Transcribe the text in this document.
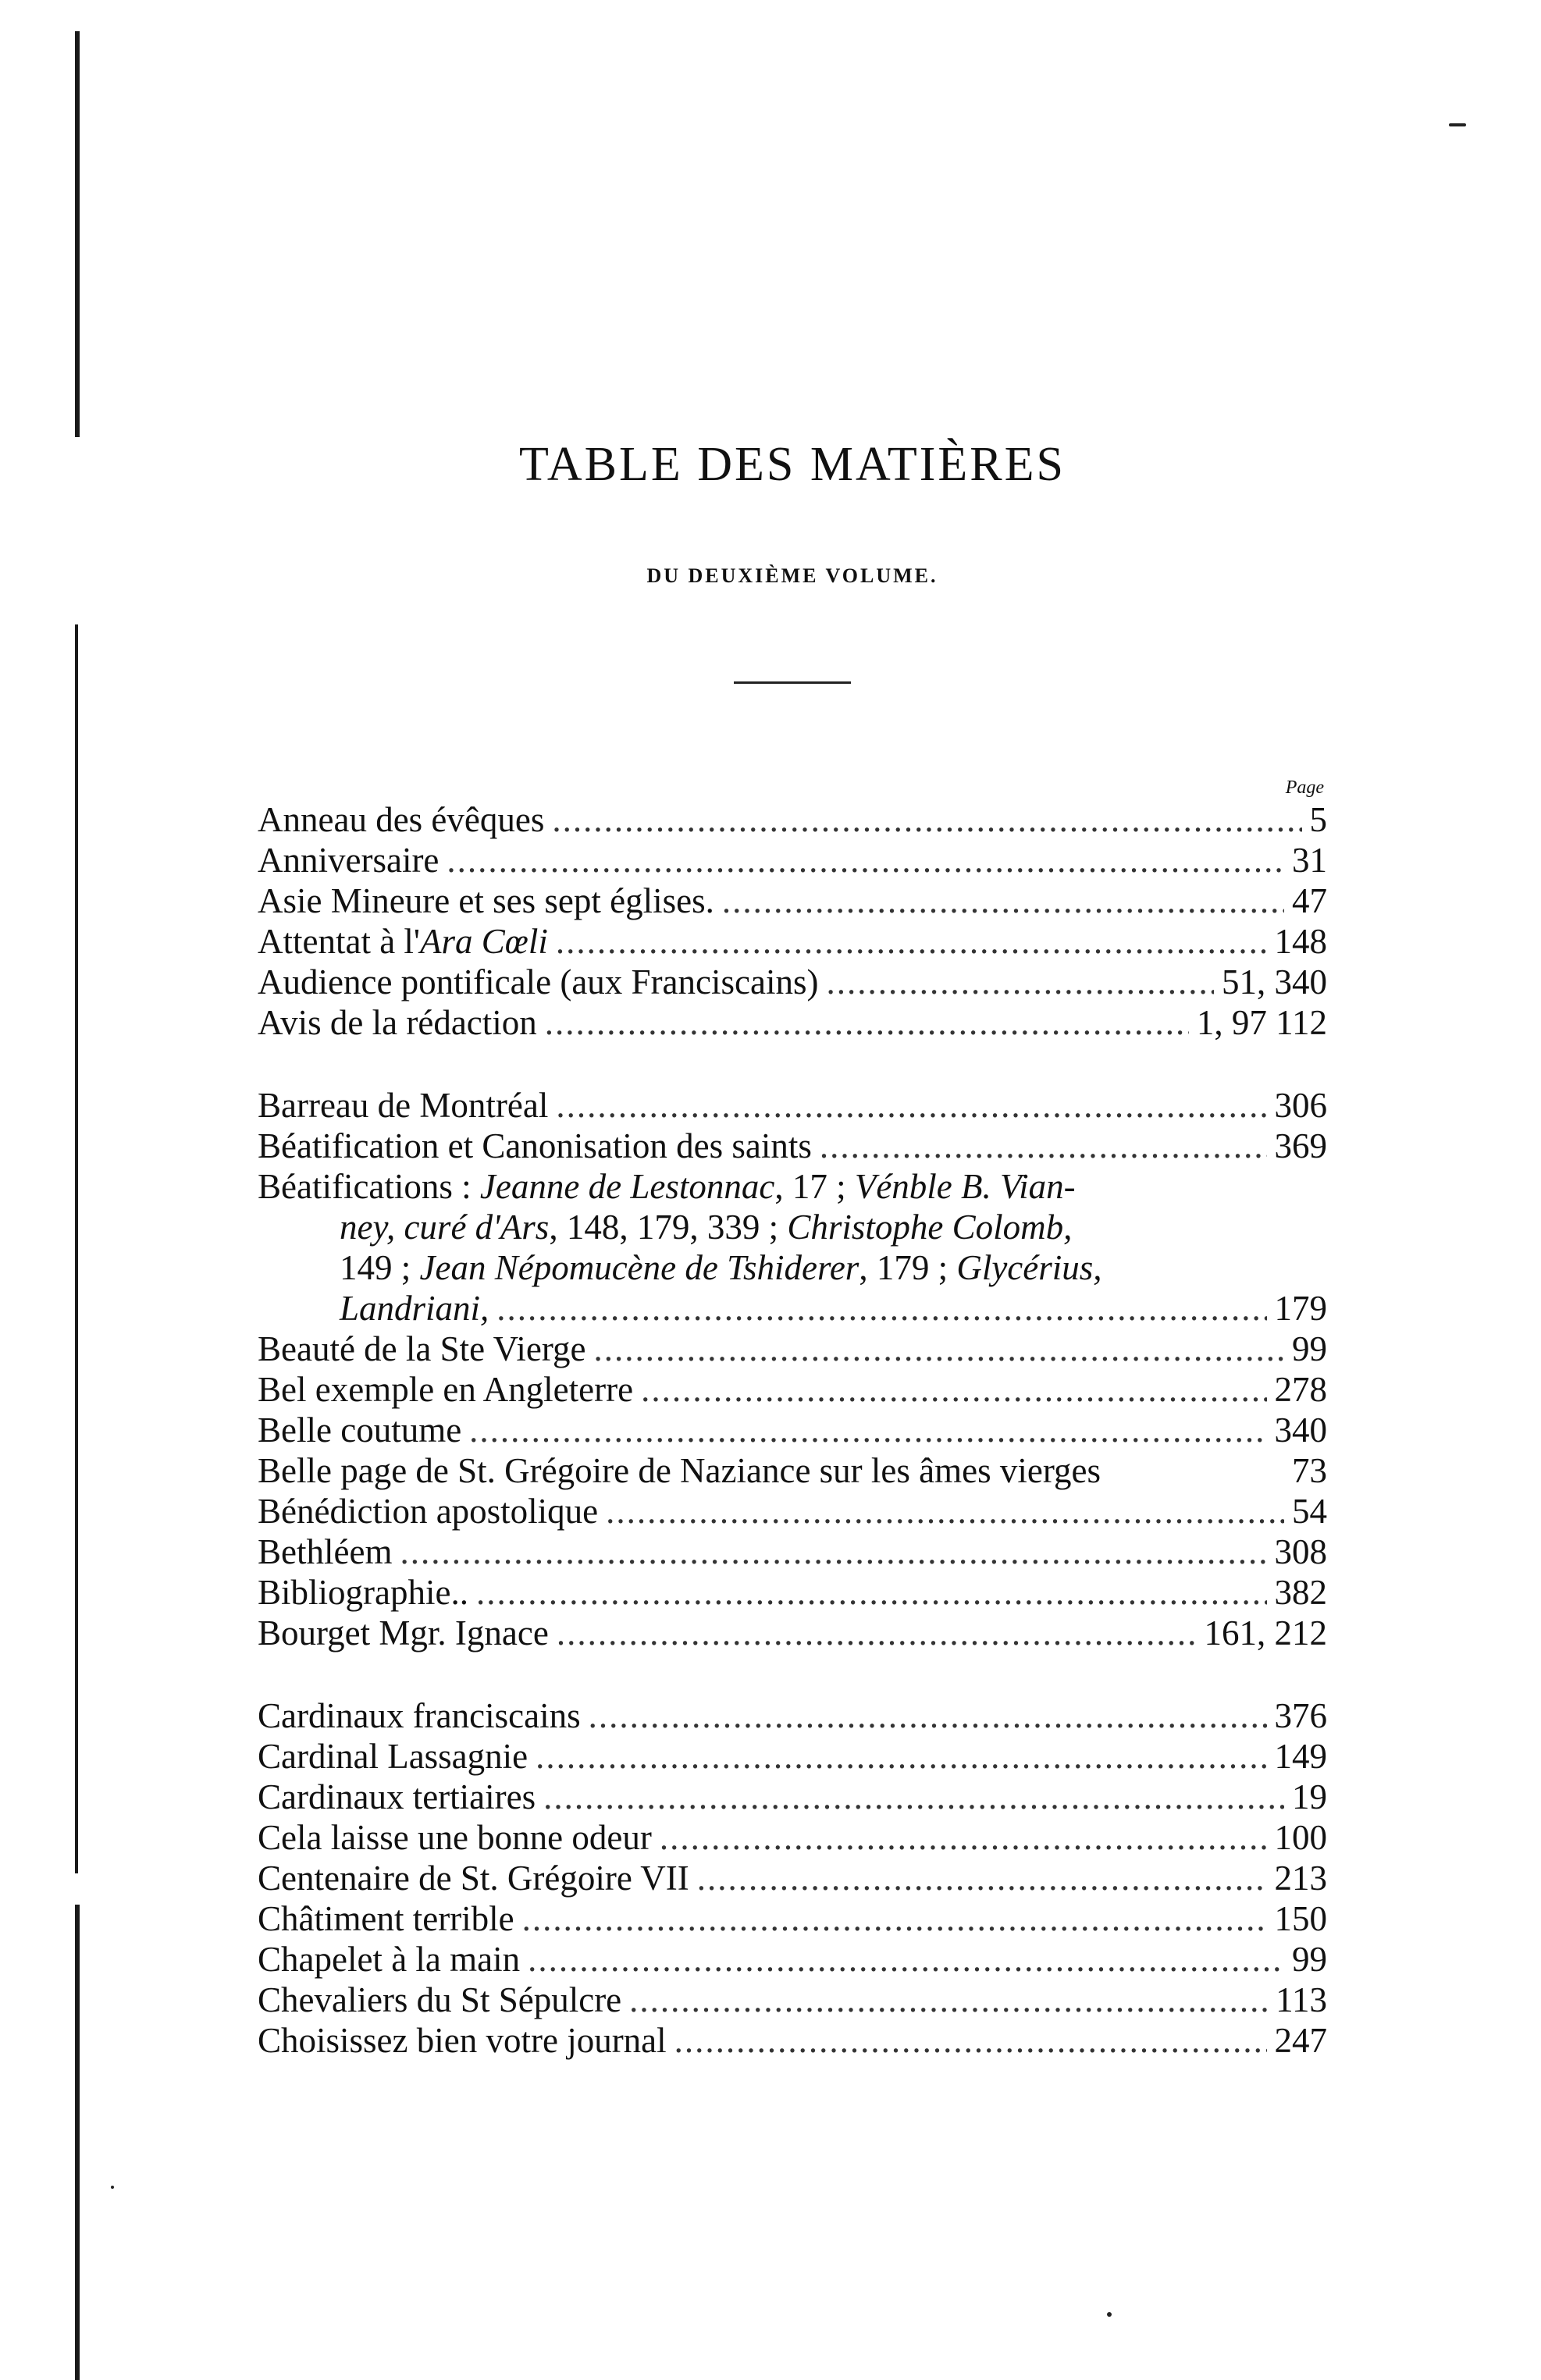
TABLE DES MATIÈRES
DU DEUXIÈME VOLUME.
Page
Anneau des évêques .....	5
Anniversaire .....	31
Asie Mineure et ses sept églises. .....	47
Attentat à l'Ara Cœli .....	148
Audience pontificale (aux Franciscains) .....	51, 340
Avis de la rédaction .....	1, 97 112
Barreau de Montréal .....	306
Béatification et Canonisation des saints .....	369
Béatifications : Jeanne de Lestonnac, 17 ; Vénble B. Vian-
ney, curé d'Ars, 148, 179, 339 ; Christophe Colomb,
149 ; Jean Népomucène de Tshiderer, 179 ; Glycérius,
Landriani, .....	179
Beauté de la Ste Vierge .....	99
Bel exemple en Angleterre .....	278
Belle coutume .....	340
Belle page de St. Grégoire de Naziance sur les âmes vierges	73
Bénédiction apostolique .....	54
Bethléem .....	308
Bibliographie.. .....	382
Bourget Mgr. Ignace .....	161, 212
Cardinaux franciscains .....	376
Cardinal Lassagnie .....	149
Cardinaux tertiaires .....	19
Cela laisse une bonne odeur .....	100
Centenaire de St. Grégoire VII .....	213
Châtiment terrible .....	150
Chapelet à la main .....	99
Chevaliers du St Sépulcre .....	113
Choisissez bien votre journal .....	247
